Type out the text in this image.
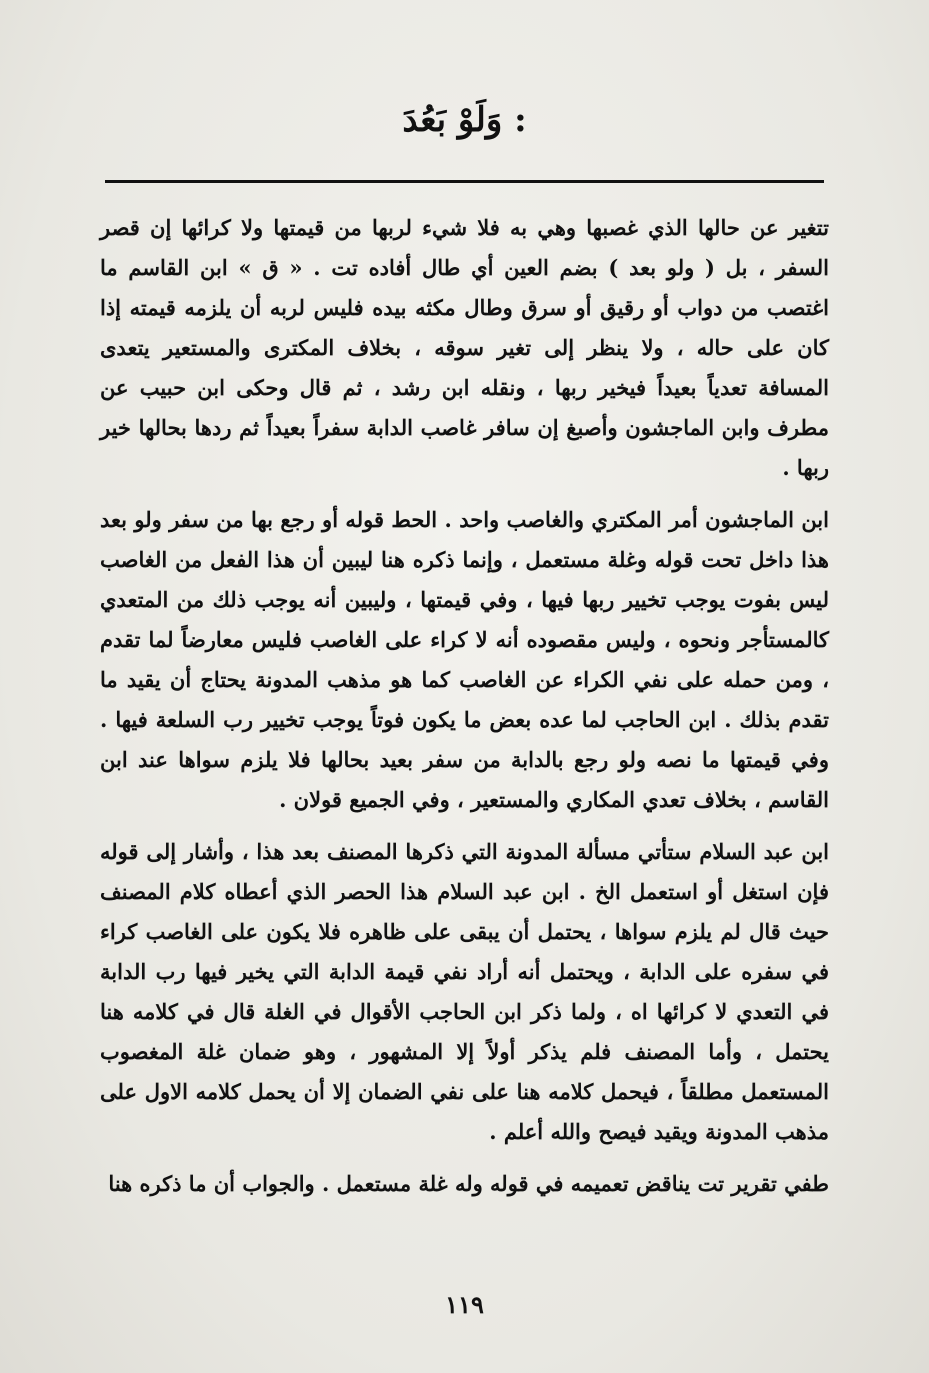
وَلَوْ بَعُدَ :

تتغير عن حالها الذي غصبها وهي به فلا شيء لربها من قيمتها ولا كرائها إن قصر السفر ، بل ( ولو بعد ) بضم العين أي طال أفاده تت . « ق » ابن القاسم ما اغتصب من دواب أو رقيق أو سرق وطال مكثه بيده فليس لربه أن يلزمه قيمته إذا كان على حاله ، ولا ينظر إلى تغير سوقه ، بخلاف المكترى والمستعير يتعدى المسافة تعدياً بعيداً فيخير ربها ، ونقله ابن رشد ، ثم قال وحكى ابن حبيب عن مطرف وابن الماجشون وأصبغ إن سافر غاصب الدابة سفراً بعيداً ثم ردها بحالها خير ربها .

ابن الماجشون أمر المكتري والغاصب واحد . الحط قوله أو رجع بها من سفر ولو بعد هذا داخل تحت قوله وغلة مستعمل ، وإنما ذكره هنا ليبين أن هذا الفعل من الغاصب ليس بفوت يوجب تخيير ربها فيها ، وفي قيمتها ، وليبين أنه يوجب ذلك من المتعدي كالمستأجر ونحوه ، وليس مقصوده أنه لا كراء على الغاصب فليس معارضاً لما تقدم ، ومن حمله على نفي الكراء عن الغاصب كما هو مذهب المدونة يحتاج أن يقيد ما تقدم بذلك . ابن الحاجب لما عده بعض ما يكون فوتاً يوجب تخيير رب السلعة فيها . وفي قيمتها ما نصه ولو رجع بالدابة من سفر بعيد بحالها فلا يلزم سواها عند ابن القاسم ، بخلاف تعدي المكاري والمستعير ، وفي الجميع قولان .

ابن عبد السلام ستأتي مسألة المدونة التي ذكرها المصنف بعد هذا ، وأشار إلى قوله فإن استغل أو استعمل الخ . ابن عبد السلام هذا الحصر الذي أعطاه كلام المصنف حيث قال لم يلزم سواها ، يحتمل أن يبقى على ظاهره فلا يكون على الغاصب كراء في سفره على الدابة ، ويحتمل أنه أراد نفي قيمة الدابة التي يخير فيها رب الدابة في التعدي لا كرائها اه ، ولما ذكر ابن الحاجب الأقوال في الغلة قال في كلامه هنا يحتمل ، وأما المصنف فلم يذكر أولاً إلا المشهور ، وهو ضمان غلة المغصوب المستعمل مطلقاً ، فيحمل كلامه هنا على نفي الضمان إلا أن يحمل كلامه الاول على مذهب المدونة ويقيد فيصح والله أعلم .

طفي تقرير تت يناقض تعميمه في قوله وله غلة مستعمل . والجواب أن ما ذكره هنا

١١٩
